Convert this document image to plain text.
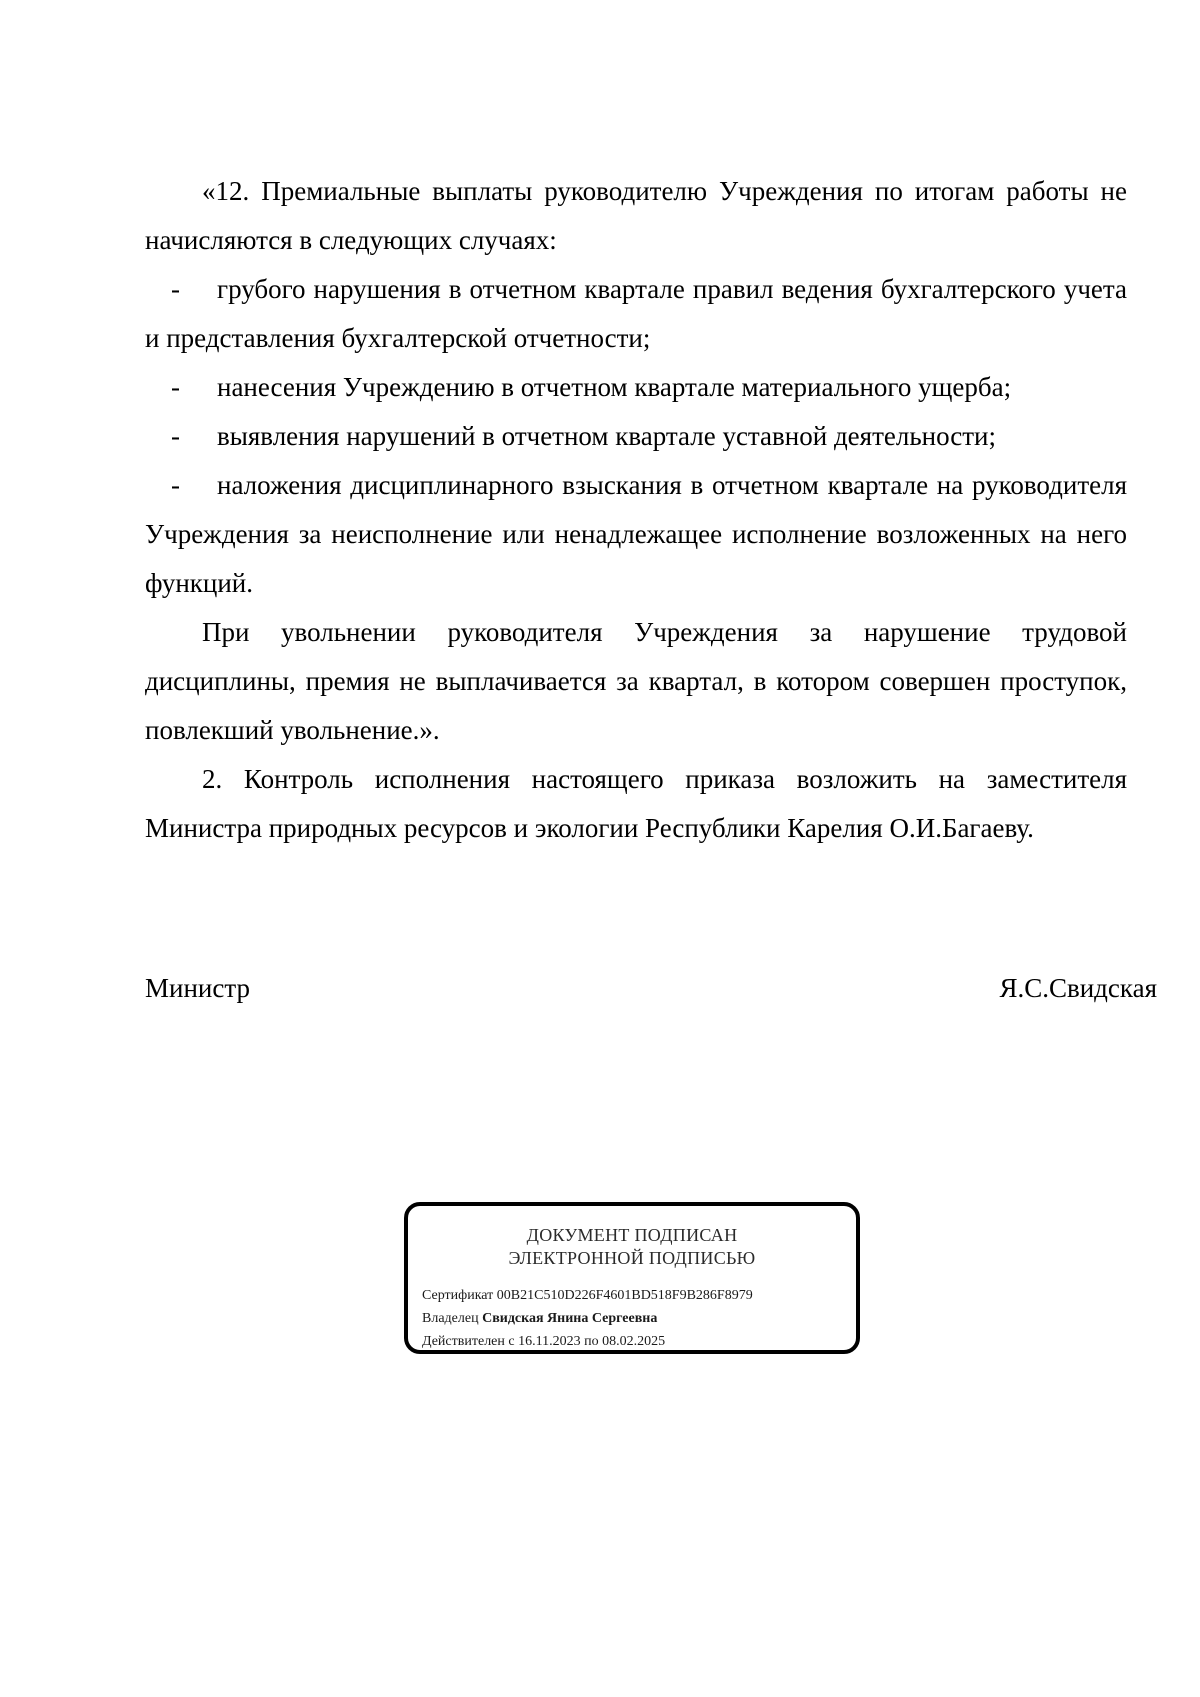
«12. Премиальные выплаты руководителю Учреждения по итогам работы не начисляются в следующих случаях:

- грубого нарушения в отчетном квартале правил ведения бухгалтерского учета и представления бухгалтерской отчетности;

- нанесения Учреждению в отчетном квартале материального ущерба;

- выявления нарушений в отчетном квартале уставной деятельности;

- наложения дисциплинарного взыскания в отчетном квартале на руководителя Учреждения за неисполнение или ненадлежащее исполнение возложенных на него функций.

При увольнении руководителя Учреждения за нарушение трудовой дисциплины, премия не выплачивается за квартал, в котором совершен проступок, повлекший увольнение.».

2. Контроль исполнения настоящего приказа возложить на заместителя Министра природных ресурсов и экологии Республики Карелия О.И.Багаеву.

Министр	Я.С.Свидская
ДОКУМЕНТ ПОДПИСАН
ЭЛЕКТРОННОЙ ПОДПИСЬЮ
Сертификат 00B21C510D226F4601BD518F9B286F8979
Владелец Свидская Янина Сергеевна
Действителен с 16.11.2023 по 08.02.2025
